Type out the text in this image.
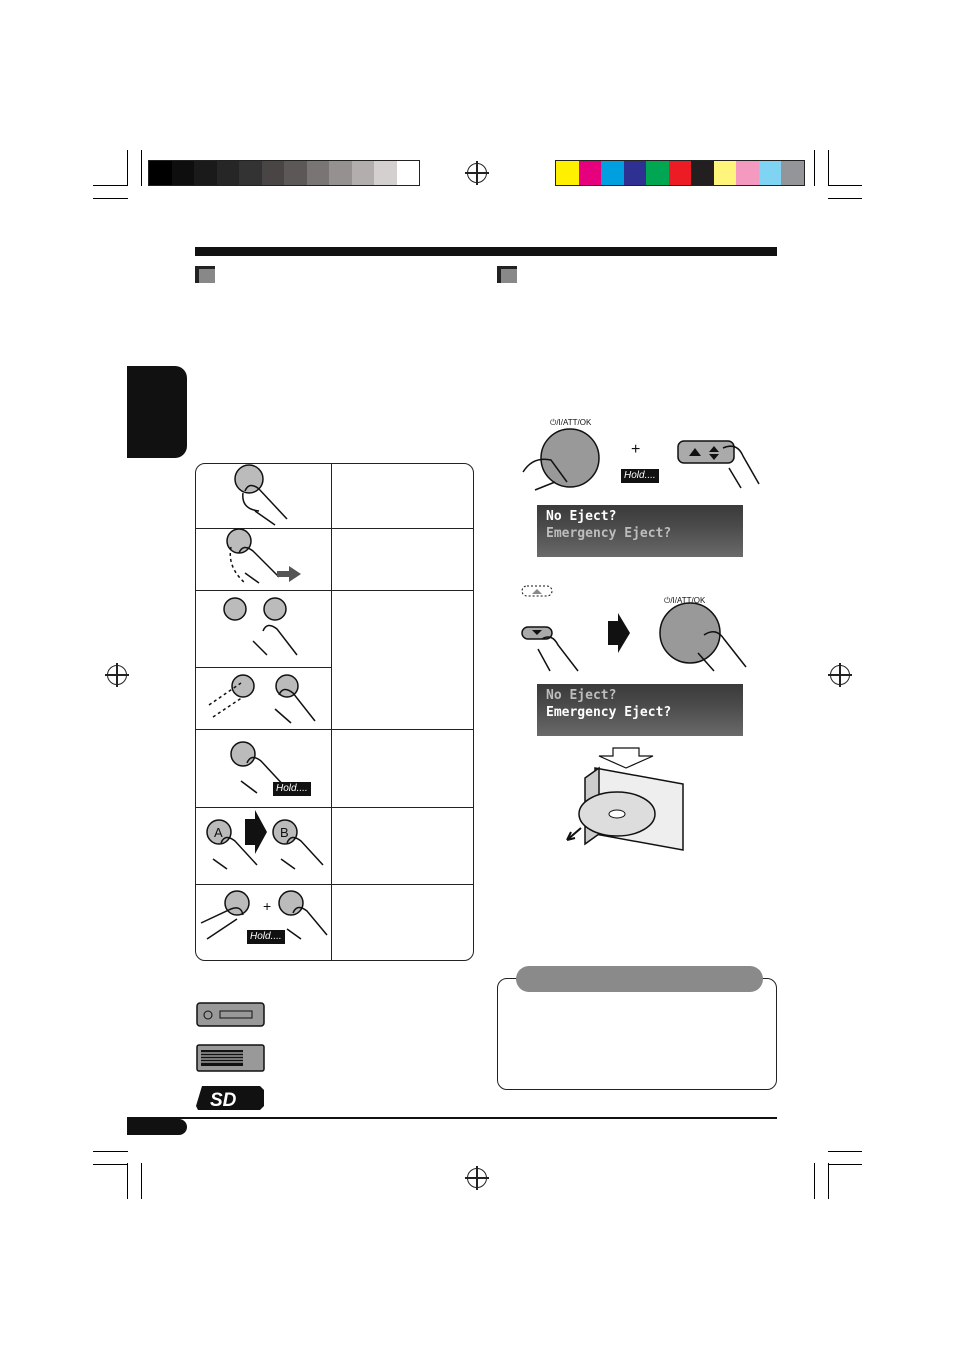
+
A	B
Hold....
Hold....
⏻/I/ATT/OK
+
Hold....
No Eject?
Emergency Eject?
⏻/I/ATT/OK
No Eject?
Emergency Eject?
SD
